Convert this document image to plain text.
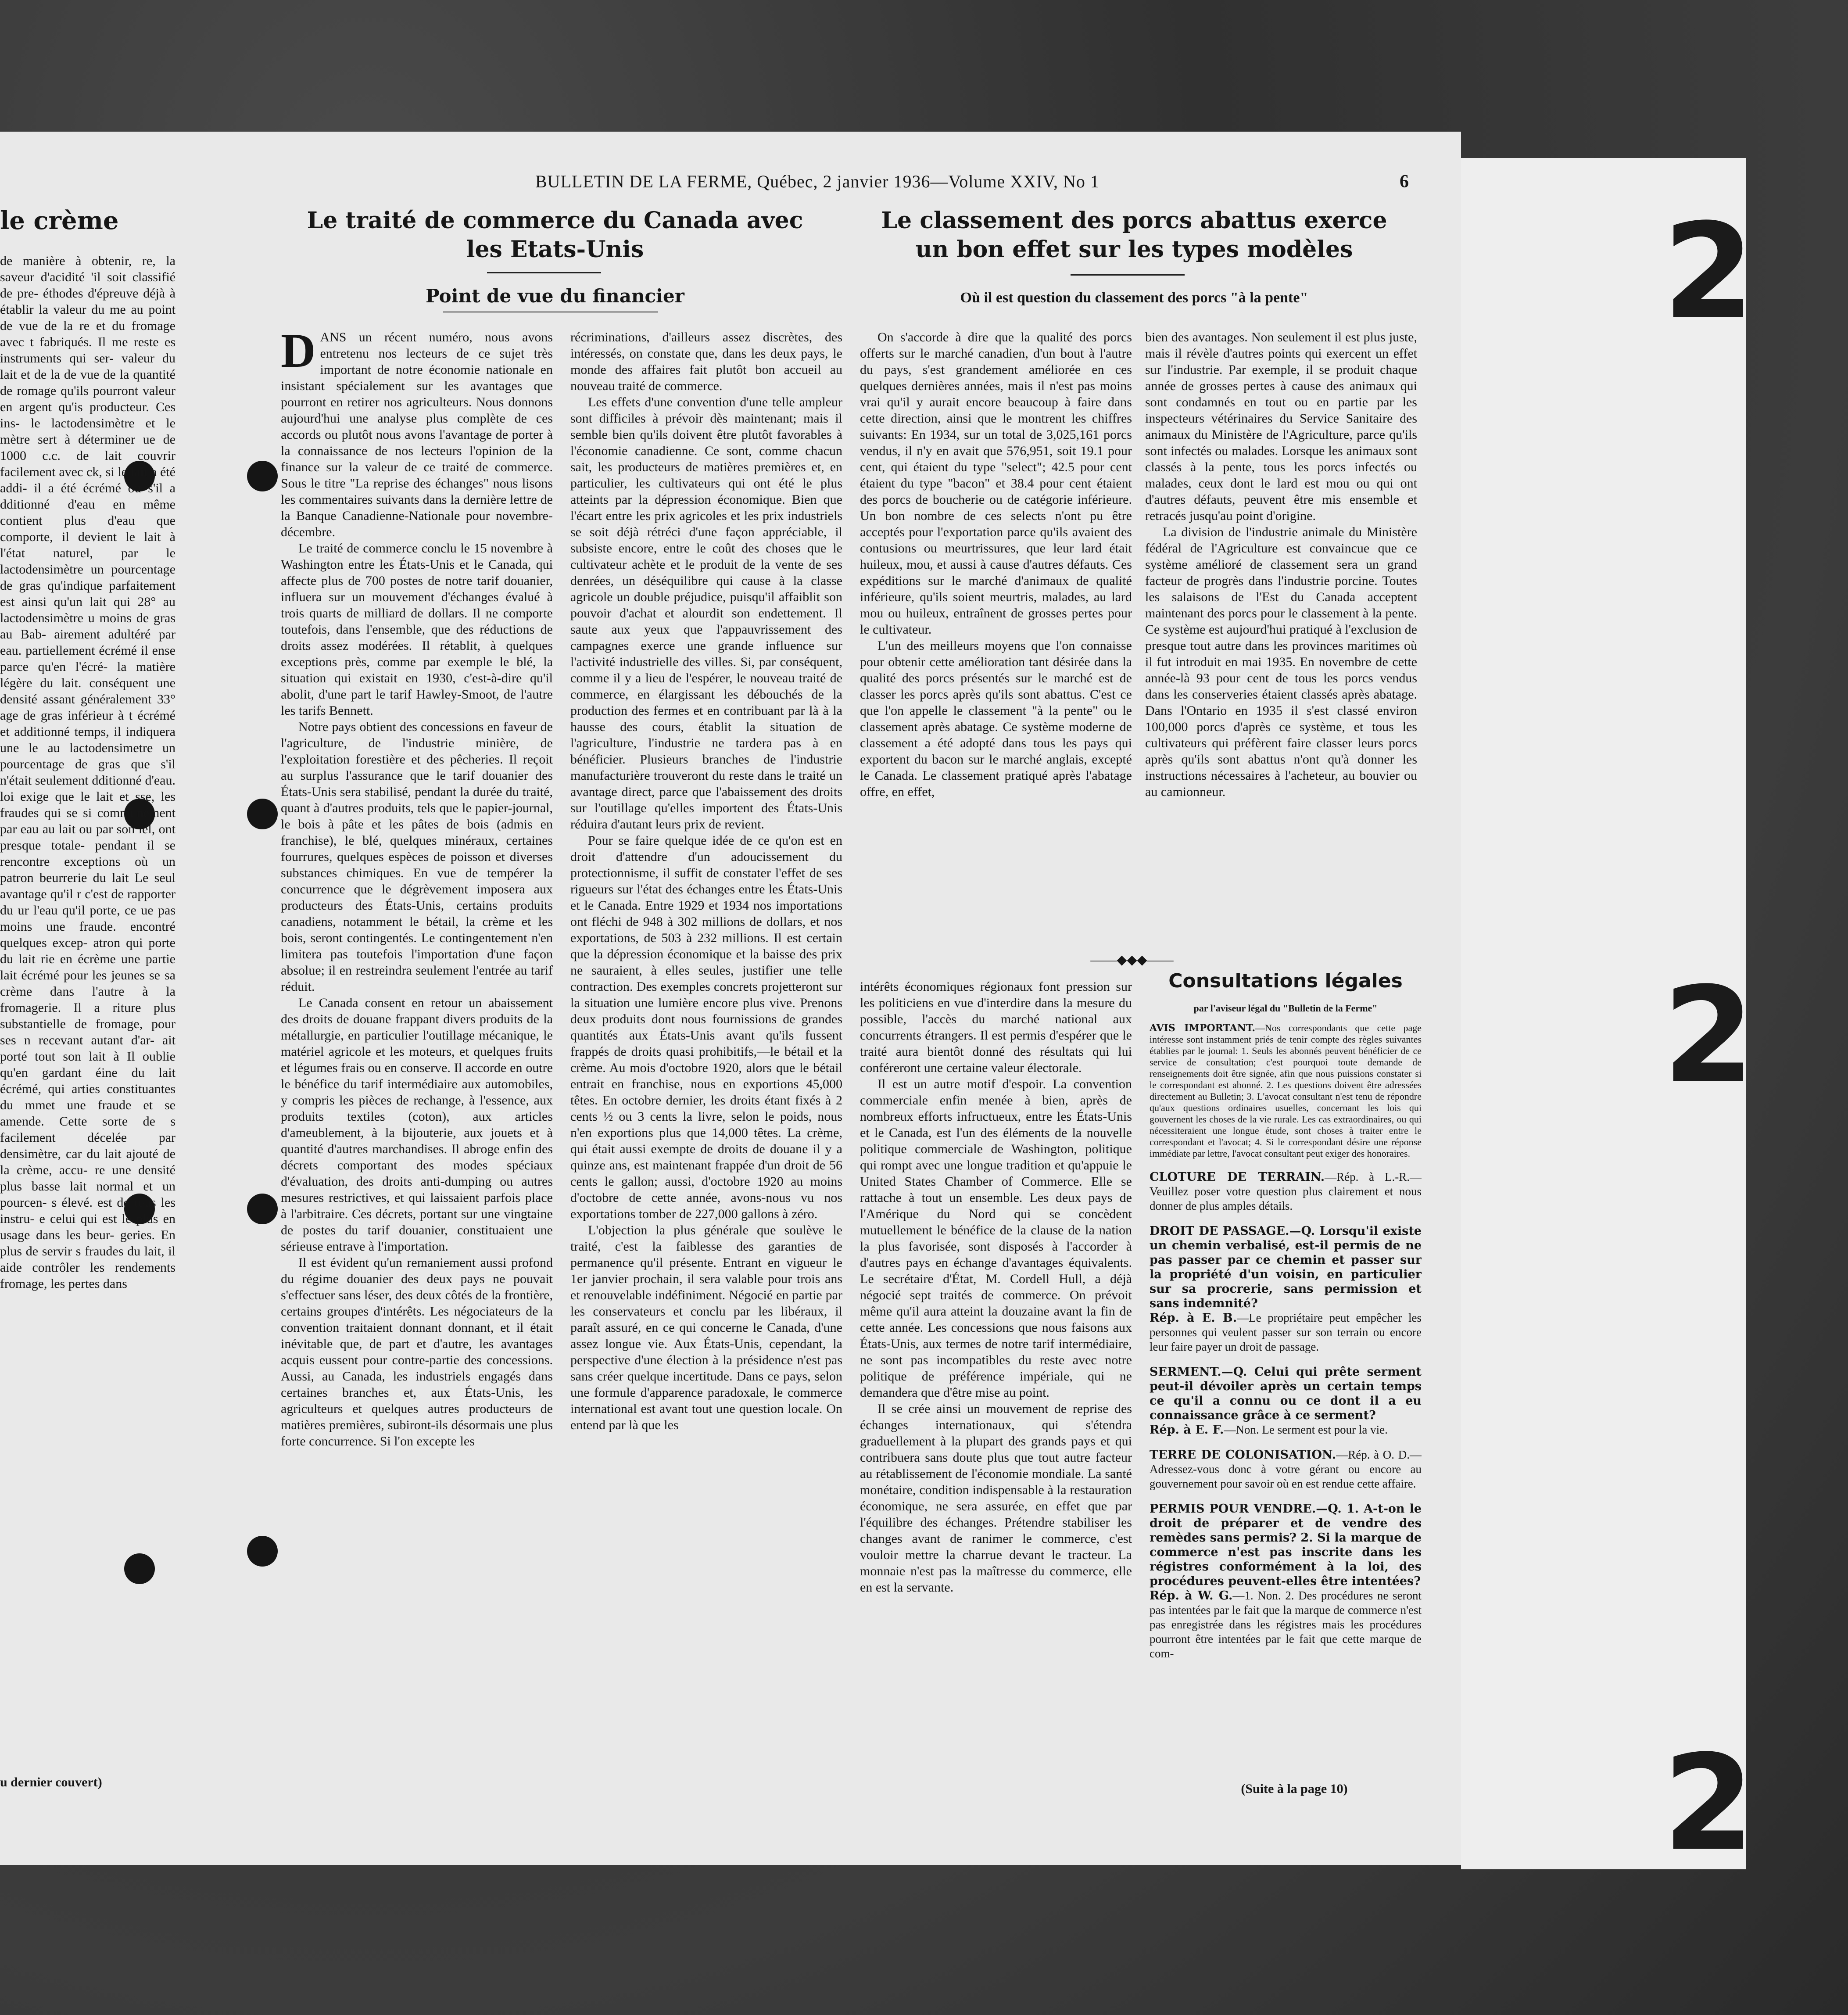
2
2
2
BULLETIN DE LA FERME, Québec, 2 janvier 1936—Volume XXIV, No 1	6
le crème
de manière à obtenir, re, la saveur d'acidité 'il soit classifié de pre- éthodes d'épreuve déjà à établir la valeur du me au point de vue de la re et du fromage avec t fabriqués. Il me reste es instruments qui ser- valeur du lait et de la de vue de la quantité de romage qu'ils pourront valeur en argent qu'is producteur. Ces ins- le lactodensimètre et le mètre sert à déterminer ue de 1000 c.c. de lait couvrir facilement avec ck, si le lait a été addi- il a été écrémé ou s'il a dditionné d'eau en même contient plus d'eau que comporte, il devient le lait à l'état naturel, par le lactodensimètre un pourcentage de gras qu'indique parfaitement est ainsi qu'un lait qui 28° au lactodensimètre u moins de gras au Bab- airement adultéré par eau. partiellement écrémé il ense parce qu'en l'écré- la matière légère du lait. conséquent une densité assant généralement 33° age de gras inférieur à t écrémé et additionné temps, il indiquera une le au lactodensimetre un pourcentage de gras que s'il n'était seulement dditionné d'eau. loi exige que le lait et sse, les fraudes qui se si communément par eau au lait ou par son iel, ont presque totale- pendant il se rencontre exceptions où un patron beurrerie du lait Le seul avantage qu'il r c'est de rapporter du ur l'eau qu'il porte, ce ue pas moins une fraude. encontré quelques excep- atron qui porte du lait rie en écrème une partie lait écrémé pour les jeunes se sa crème dans l'autre à la fromagerie. Il a riture plus substantielle de fromage, pour ses n recevant autant d'ar- ait porté tout son lait à Il oublie qu'en gardant éine du lait écrémé, qui arties constituantes du mmet une fraude et se amende. Cette sorte de s facilement décelée par densimètre, car du lait ajouté de la crème, accu- re une densité plus basse lait normal et un pourcen- s élevé. est de tous les instru- e celui qui est le plus en usage dans les beur- geries. En plus de servir s fraudes du lait, il aide contrôler les rendements fromage, les pertes dans
u dernier couvert)
Le traité de commerce du Canada avec
les Etats-Unis
Point de vue du financier

DANS un récent numéro, nous avons entretenu nos lecteurs de ce sujet très important de notre économie nationale en insistant spécialement sur les avantages que pourront en retirer nos agriculteurs. Nous donnons aujourd'hui une analyse plus complète de ces accords ou plutôt nous avons l'avantage de porter à la connaissance de nos lecteurs l'opinion de la finance sur la valeur de ce traité de commerce. Sous le titre "La reprise des échanges" nous lisons les commentaires suivants dans la dernière lettre de la Banque Canadienne-Nationale pour novembre-décembre.

Le traité de commerce conclu le 15 novembre à Washington entre les États-Unis et le Canada, qui affecte plus de 700 postes de notre tarif douanier, influera sur un mouvement d'échanges évalué à trois quarts de milliard de dollars. Il ne comporte toutefois, dans l'ensemble, que des réductions de droits assez modérées. Il rétablit, à quelques exceptions près, comme par exemple le blé, la situation qui existait en 1930, c'est-à-dire qu'il abolit, d'une part le tarif Hawley-Smoot, de l'autre les tarifs Bennett.

Notre pays obtient des concessions en faveur de l'agriculture, de l'industrie minière, de l'exploitation forestière et des pêcheries. Il reçoit au surplus l'assurance que le tarif douanier des États-Unis sera stabilisé, pendant la durée du traité, quant à d'autres produits, tels que le papier-journal, le bois à pâte et les pâtes de bois (admis en franchise), le blé, quelques minéraux, certaines fourrures, quelques espèces de poisson et diverses substances chimiques. En vue de tempérer la concurrence que le dégrèvement imposera aux producteurs des États-Unis, certains produits canadiens, notamment le bétail, la crème et les bois, seront contingentés. Le contingentement n'en limitera pas toutefois l'importation d'une façon absolue; il en restreindra seulement l'entrée au tarif réduit.

Le Canada consent en retour un abaissement des droits de douane frappant divers produits de la métallurgie, en particulier l'outillage mécanique, le matériel agricole et les moteurs, et quelques fruits et légumes frais ou en conserve. Il accorde en outre le bénéfice du tarif intermédiaire aux automobiles, y compris les pièces de rechange, à l'essence, aux produits textiles (coton), aux articles d'ameublement, à la bijouterie, aux jouets et à quantité d'autres marchandises. Il abroge enfin des décrets comportant des modes spéciaux d'évaluation, des droits anti-dumping ou autres mesures restrictives, et qui laissaient parfois place à l'arbitraire. Ces décrets, portant sur une vingtaine de postes du tarif douanier, constituaient une sérieuse entrave à l'importation.

Il est évident qu'un remaniement aussi profond du régime douanier des deux pays ne pouvait s'effectuer sans léser, des deux côtés de la frontière, certains groupes d'intérêts. Les négociateurs de la convention traitaient donnant donnant, et il était inévitable que, de part et d'autre, les avantages acquis eussent pour contre-partie des concessions. Aussi, au Canada, les industriels engagés dans certaines branches et, aux États-Unis, les agriculteurs et quelques autres producteurs de matières premières, subiront-ils désormais une plus forte concurrence. Si l'on excepte les

récriminations, d'ailleurs assez discrètes, des intéressés, on constate que, dans les deux pays, le monde des affaires fait plutôt bon accueil au nouveau traité de commerce.

Les effets d'une convention d'une telle ampleur sont difficiles à prévoir dès maintenant; mais il semble bien qu'ils doivent être plutôt favorables à l'économie canadienne. Ce sont, comme chacun sait, les producteurs de matières premières et, en particulier, les cultivateurs qui ont été le plus atteints par la dépression économique. Bien que l'écart entre les prix agricoles et les prix industriels se soit déjà rétréci d'une façon appréciable, il subsiste encore, entre le coût des choses que le cultivateur achète et le produit de la vente de ses denrées, un déséquilibre qui cause à la classe agricole un double préjudice, puisqu'il affaiblit son pouvoir d'achat et alourdit son endettement. Il saute aux yeux que l'appauvrissement des campagnes exerce une grande influence sur l'activité industrielle des villes. Si, par conséquent, comme il y a lieu de l'espérer, le nouveau traité de commerce, en élargissant les débouchés de la production des fermes et en contribuant par là à la hausse des cours, établit la situation de l'agriculture, l'industrie ne tardera pas à en bénéficier. Plusieurs branches de l'industrie manufacturière trouveront du reste dans le traité un avantage direct, parce que l'abaissement des droits sur l'outillage qu'elles importent des États-Unis réduira d'autant leurs prix de revient.

Pour se faire quelque idée de ce qu'on est en droit d'attendre d'un adoucissement du protectionnisme, il suffit de constater l'effet de ses rigueurs sur l'état des échanges entre les États-Unis et le Canada. Entre 1929 et 1934 nos importations ont fléchi de 948 à 302 millions de dollars, et nos exportations, de 503 à 232 millions. Il est certain que la dépression économique et la baisse des prix ne sauraient, à elles seules, justifier une telle contraction. Des exemples concrets projetteront sur la situation une lumière encore plus vive. Prenons deux produits dont nous fournissions de grandes quantités aux États-Unis avant qu'ils fussent frappés de droits quasi prohibitifs,—le bétail et la crème. Au mois d'octobre 1920, alors que le bétail entrait en franchise, nous en exportions 45,000 têtes. En octobre dernier, les droits étant fixés à 2 cents ½ ou 3 cents la livre, selon le poids, nous n'en exportions plus que 14,000 têtes. La crème, qui était aussi exempte de droits de douane il y a quinze ans, est maintenant frappée d'un droit de 56 cents le gallon; aussi, d'octobre 1920 au moins d'octobre de cette année, avons-nous vu nos exportations tomber de 227,000 gallons à zéro.

L'objection la plus générale que soulève le traité, c'est la faiblesse des garanties de permanence qu'il présente. Entrant en vigueur le 1er janvier prochain, il sera valable pour trois ans et renouvelable indéfiniment. Négocié en partie par les conservateurs et conclu par les libéraux, il paraît assuré, en ce qui concerne le Canada, d'une assez longue vie. Aux États-Unis, cependant, la perspective d'une élection à la présidence n'est pas sans créer quelque incertitude. Dans ce pays, selon une formule d'apparence paradoxale, le commerce international est avant tout une question locale. On entend par là que les

Le classement des porcs abattus exerce
un bon effet sur les types modèles
Où il est question du classement des porcs "à la pente"

On s'accorde à dire que la qualité des porcs offerts sur le marché canadien, d'un bout à l'autre du pays, s'est grandement améliorée en ces quelques dernières années, mais il n'est pas moins vrai qu'il y aurait encore beaucoup à faire dans cette direction, ainsi que le montrent les chiffres suivants: En 1934, sur un total de 3,025,161 porcs vendus, il n'y en avait que 576,951, soit 19.1 pour cent, qui étaient du type "select"; 42.5 pour cent étaient du type "bacon" et 38.4 pour cent étaient des porcs de boucherie ou de catégorie inférieure. Un bon nombre de ces selects n'ont pu être acceptés pour l'exportation parce qu'ils avaient des contusions ou meurtrissures, que leur lard était huileux, mou, et aussi à cause d'autres défauts. Ces expéditions sur le marché d'animaux de qualité inférieure, qu'ils soient meurtris, malades, au lard mou ou huileux, entraînent de grosses pertes pour le cultivateur.

L'un des meilleurs moyens que l'on connaisse pour obtenir cette amélioration tant désirée dans la qualité des porcs présentés sur le marché est de classer les porcs après qu'ils sont abattus. C'est ce que l'on appelle le classement "à la pente" ou le classement après abatage. Ce système moderne de classement a été adopté dans tous les pays qui exportent du bacon sur le marché anglais, excepté le Canada. Le classement pratiqué après l'abatage offre, en effet,

bien des avantages. Non seulement il est plus juste, mais il révèle d'autres points qui exercent un effet sur l'industrie. Par exemple, il se produit chaque année de grosses pertes à cause des animaux qui sont condamnés en tout ou en partie par les inspecteurs vétérinaires du Service Sanitaire des animaux du Ministère de l'Agriculture, parce qu'ils sont infectés ou malades. Lorsque les animaux sont classés à la pente, tous les porcs infectés ou malades, ceux dont le lard est mou ou qui ont d'autres défauts, peuvent être mis ensemble et retracés jusqu'au point d'origine.

La division de l'industrie animale du Ministère fédéral de l'Agriculture est convaincue que ce système amélioré de classement sera un grand facteur de progrès dans l'industrie porcine. Toutes les salaisons de l'Est du Canada acceptent maintenant des porcs pour le classement à la pente. Ce système est aujourd'hui pratiqué à l'exclusion de presque tout autre dans les provinces maritimes où il fut introduit en mai 1935. En novembre de cette année-là 93 pour cent de tous les porcs vendus dans les conserveries étaient classés après abatage. Dans l'Ontario en 1935 il s'est classé environ 100,000 porcs d'après ce système, et tous les cultivateurs qui préfèrent faire classer leurs porcs après qu'ils sont abattus n'ont qu'à donner les instructions nécessaires à l'acheteur, au bouvier ou au camionneur.

——◆◆◆——

intérêts économiques régionaux font pression sur les politiciens en vue d'interdire dans la mesure du possible, l'accès du marché national aux concurrents étrangers. Il est permis d'espérer que le traité aura bientôt donné des résultats qui lui conféreront une certaine valeur électorale.

Il est un autre motif d'espoir. La convention commerciale enfin menée à bien, après de nombreux efforts infructueux, entre les États-Unis et le Canada, est l'un des éléments de la nouvelle politique commerciale de Washington, politique qui rompt avec une longue tradition et qu'appuie le United States Chamber of Commerce. Elle se rattache à tout un ensemble. Les deux pays de l'Amérique du Nord qui se concèdent mutuellement le bénéfice de la clause de la nation la plus favorisée, sont disposés à l'accorder à d'autres pays en échange d'avantages équivalents. Le secrétaire d'État, M. Cordell Hull, a déjà négocié sept traités de commerce. On prévoit même qu'il aura atteint la douzaine avant la fin de cette année. Les concessions que nous faisons aux États-Unis, aux termes de notre tarif intermédiaire, ne sont pas incompatibles du reste avec notre politique de préférence impériale, qui ne demandera que d'être mise au point.

Il se crée ainsi un mouvement de reprise des échanges internationaux, qui s'étendra graduellement à la plupart des grands pays et qui contribuera sans doute plus que tout autre facteur au rétablissement de l'économie mondiale. La santé monétaire, condition indispensable à la restauration économique, ne sera assurée, en effet que par l'équilibre des échanges. Prétendre stabiliser les changes avant de ranimer le commerce, c'est vouloir mettre la charrue devant le tracteur. La monnaie n'est pas la maîtresse du commerce, elle en est la servante.

Consultations légales
par l'aviseur légal du "Bulletin de la Ferme"

AVIS IMPORTANT.—Nos correspondants que cette page intéresse sont instamment priés de tenir compte des règles suivantes établies par le journal: 1. Seuls les abonnés peuvent bénéficier de ce service de consultation; c'est pourquoi toute demande de renseignements doit être signée, afin que nous puissions constater si le correspondant est abonné. 2. Les questions doivent être adressées directement au Bulletin; 3. L'avocat consultant n'est tenu de répondre qu'aux questions ordinaires usuelles, concernant les lois qui gouvernent les choses de la vie rurale. Les cas extraordinaires, ou qui nécessiteraient une longue étude, sont choses à traiter entre le correspondant et l'avocat; 4. Si le correspondant désire une réponse immédiate par lettre, l'avocat consultant peut exiger des honoraires.

CLOTURE DE TERRAIN.—Rép. à L.-R.—Veuillez poser votre question plus clairement et nous donner de plus amples détails.

DROIT DE PASSAGE.—Q. Lorsqu'il existe un chemin verbalisé, est-il permis de ne pas passer par ce chemin et passer sur la propriété d'un voisin, en particulier sur sa procrerie, sans permission et sans indemnité?
Rép. à E. B.—Le propriétaire peut empêcher les personnes qui veulent passer sur son terrain ou encore leur faire payer un droit de passage.

SERMENT.—Q. Celui qui prête serment peut-il dévoiler après un certain temps ce qu'il a connu ou ce dont il a eu connaissance grâce à ce serment?
Rép. à E. F.—Non. Le serment est pour la vie.

TERRE DE COLONISATION.—Rép. à O. D.—Adressez-vous donc à votre gérant ou encore au gouvernement pour savoir où en est rendue cette affaire.

PERMIS POUR VENDRE.—Q. 1. A-t-on le droit de préparer et de vendre des remèdes sans permis? 2. Si la marque de commerce n'est pas inscrite dans les régistres conformément à la loi, des procédures peuvent-elles être intentées?
Rép. à W. G.—1. Non. 2. Des procédures ne seront pas intentées par le fait que la marque de commerce n'est pas enregistrée dans les régistres mais les procédures pourront être intentées par le fait que cette marque de com-

(Suite à la page 10)
